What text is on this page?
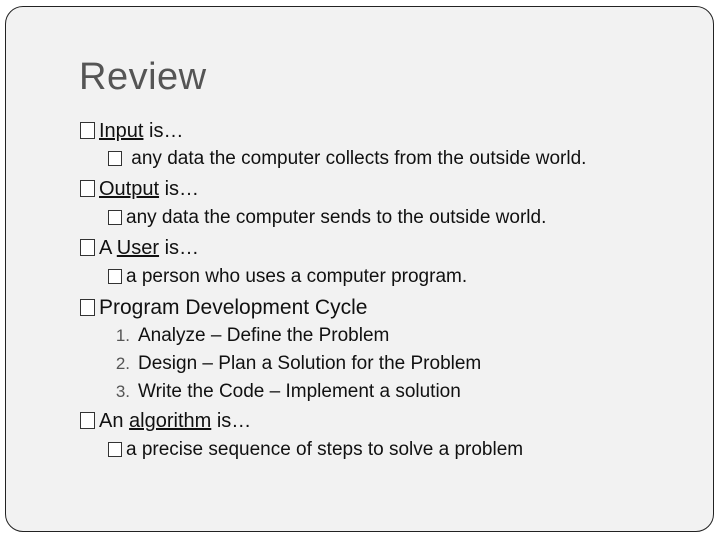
Review
Input is…
any data the computer collects from the outside world.
Output is…
any data the computer sends to the outside world.
A User is…
a person who uses a computer program.
Program Development Cycle
1. Analyze – Define the Problem
2. Design – Plan a Solution for the Problem
3. Write the Code – Implement a solution
An algorithm is…
a precise sequence of steps to solve a problem
